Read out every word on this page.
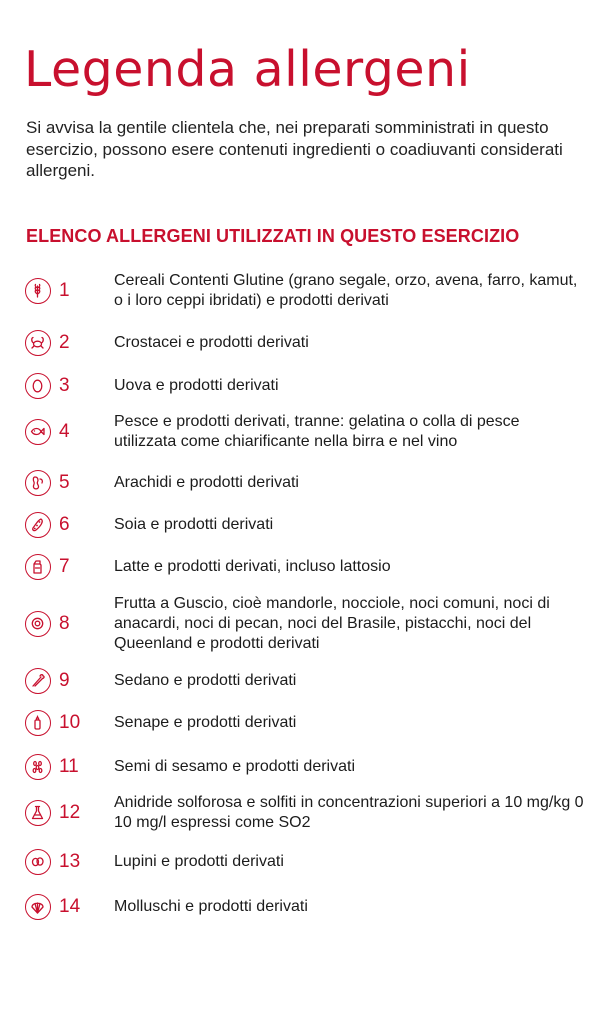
Legenda allergeni

Si avvisa la gentile clientela che, nei preparati somministrati in questo esercizio, possono esere contenuti ingredienti o coadiuvanti considerati allergeni.

ELENCO ALLERGENI UTILIZZATI IN QUESTO ESERCIZIO
1	Cereali Contenti Glutine (grano segale, orzo, avena, farro, kamut, o i loro ceppi ibridati) e prodotti derivati
2	Crostacei e prodotti derivati
3	Uova e prodotti derivati
4	Pesce e prodotti derivati, tranne: gelatina o colla di pesce utilizzata come chiarificante nella birra e nel vino
5	Arachidi e prodotti derivati
6	Soia e prodotti derivati
7	Latte e prodotti derivati, incluso lattosio
8
Frutta a Guscio, cioè mandorle, nocciole, noci comuni, noci di anacardi, noci di pecan, noci del Brasile, pistacchi, noci del Queenland e prodotti derivati
9	Sedano e prodotti derivati
10 Senape e prodotti derivati
11 Semi di sesamo e prodotti derivati
12 Anidride solforosa e solfiti in concentrazioni superiori a 10 mg/kg 0 10 mg/l espressi come SO2
13 Lupini e prodotti derivati
14 Molluschi e prodotti derivati
